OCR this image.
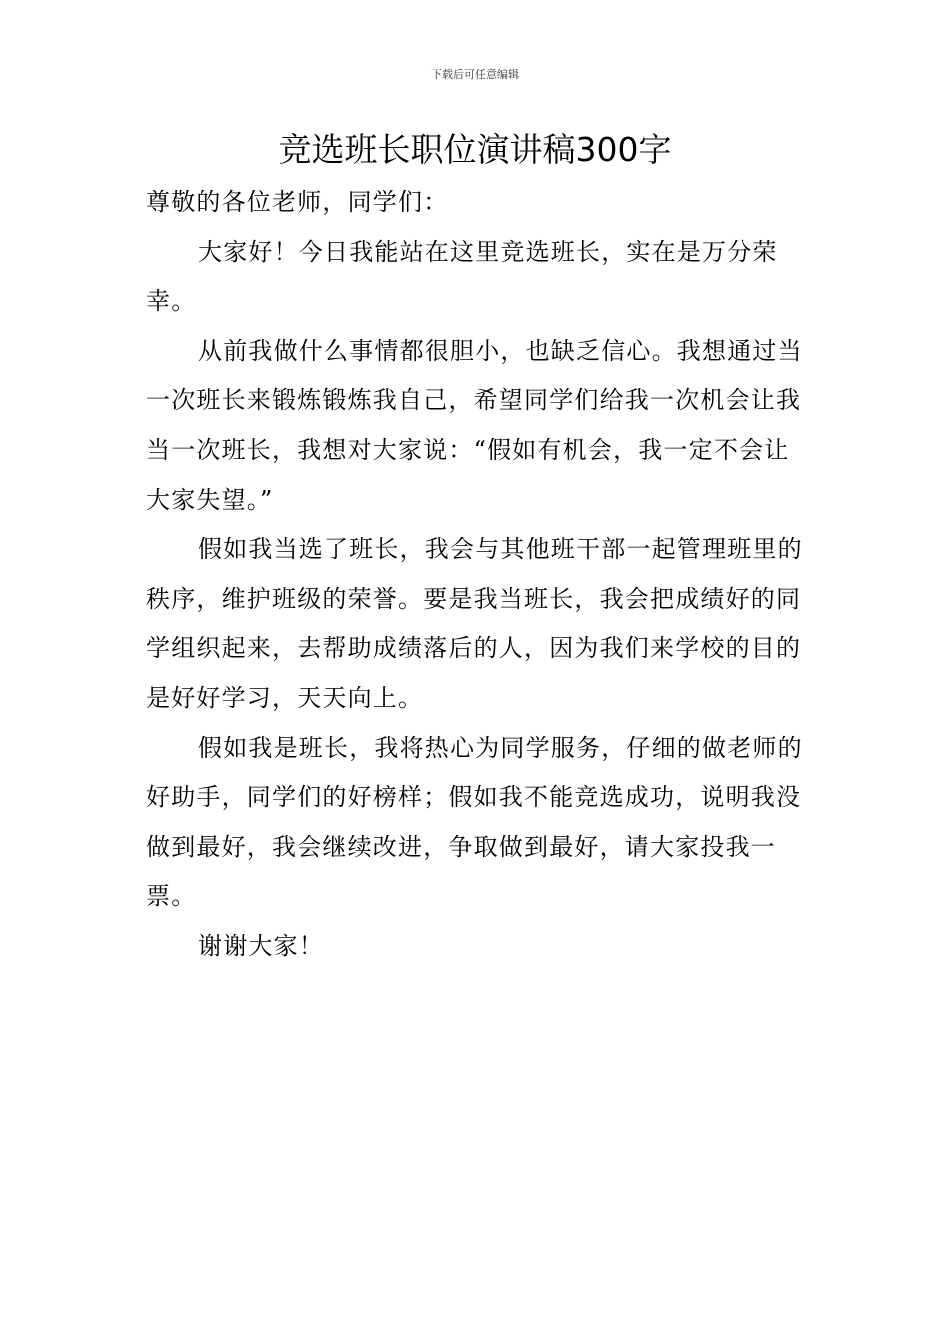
下载后可任意编辑
竞选班长职位演讲稿300字

尊敬的各位老师，同学们：

大家好！今日我能站在这里竞选班长，实在是万分荣幸。

从前我做什么事情都很胆小，也缺乏信心。我想通过当一次班长来锻炼锻炼我自己，希望同学们给我一次机会让我当一次班长，我想对大家说：“假如有机会，我一定不会让大家失望。”

假如我当选了班长，我会与其他班干部一起管理班里的秩序，维护班级的荣誉。要是我当班长，我会把成绩好的同学组织起来，去帮助成绩落后的人，因为我们来学校的目的是好好学习，天天向上。

假如我是班长，我将热心为同学服务，仔细的做老师的好助手，同学们的好榜样；假如我不能竞选成功，说明我没做到最好，我会继续改进，争取做到最好，请大家投我一票。

谢谢大家！
